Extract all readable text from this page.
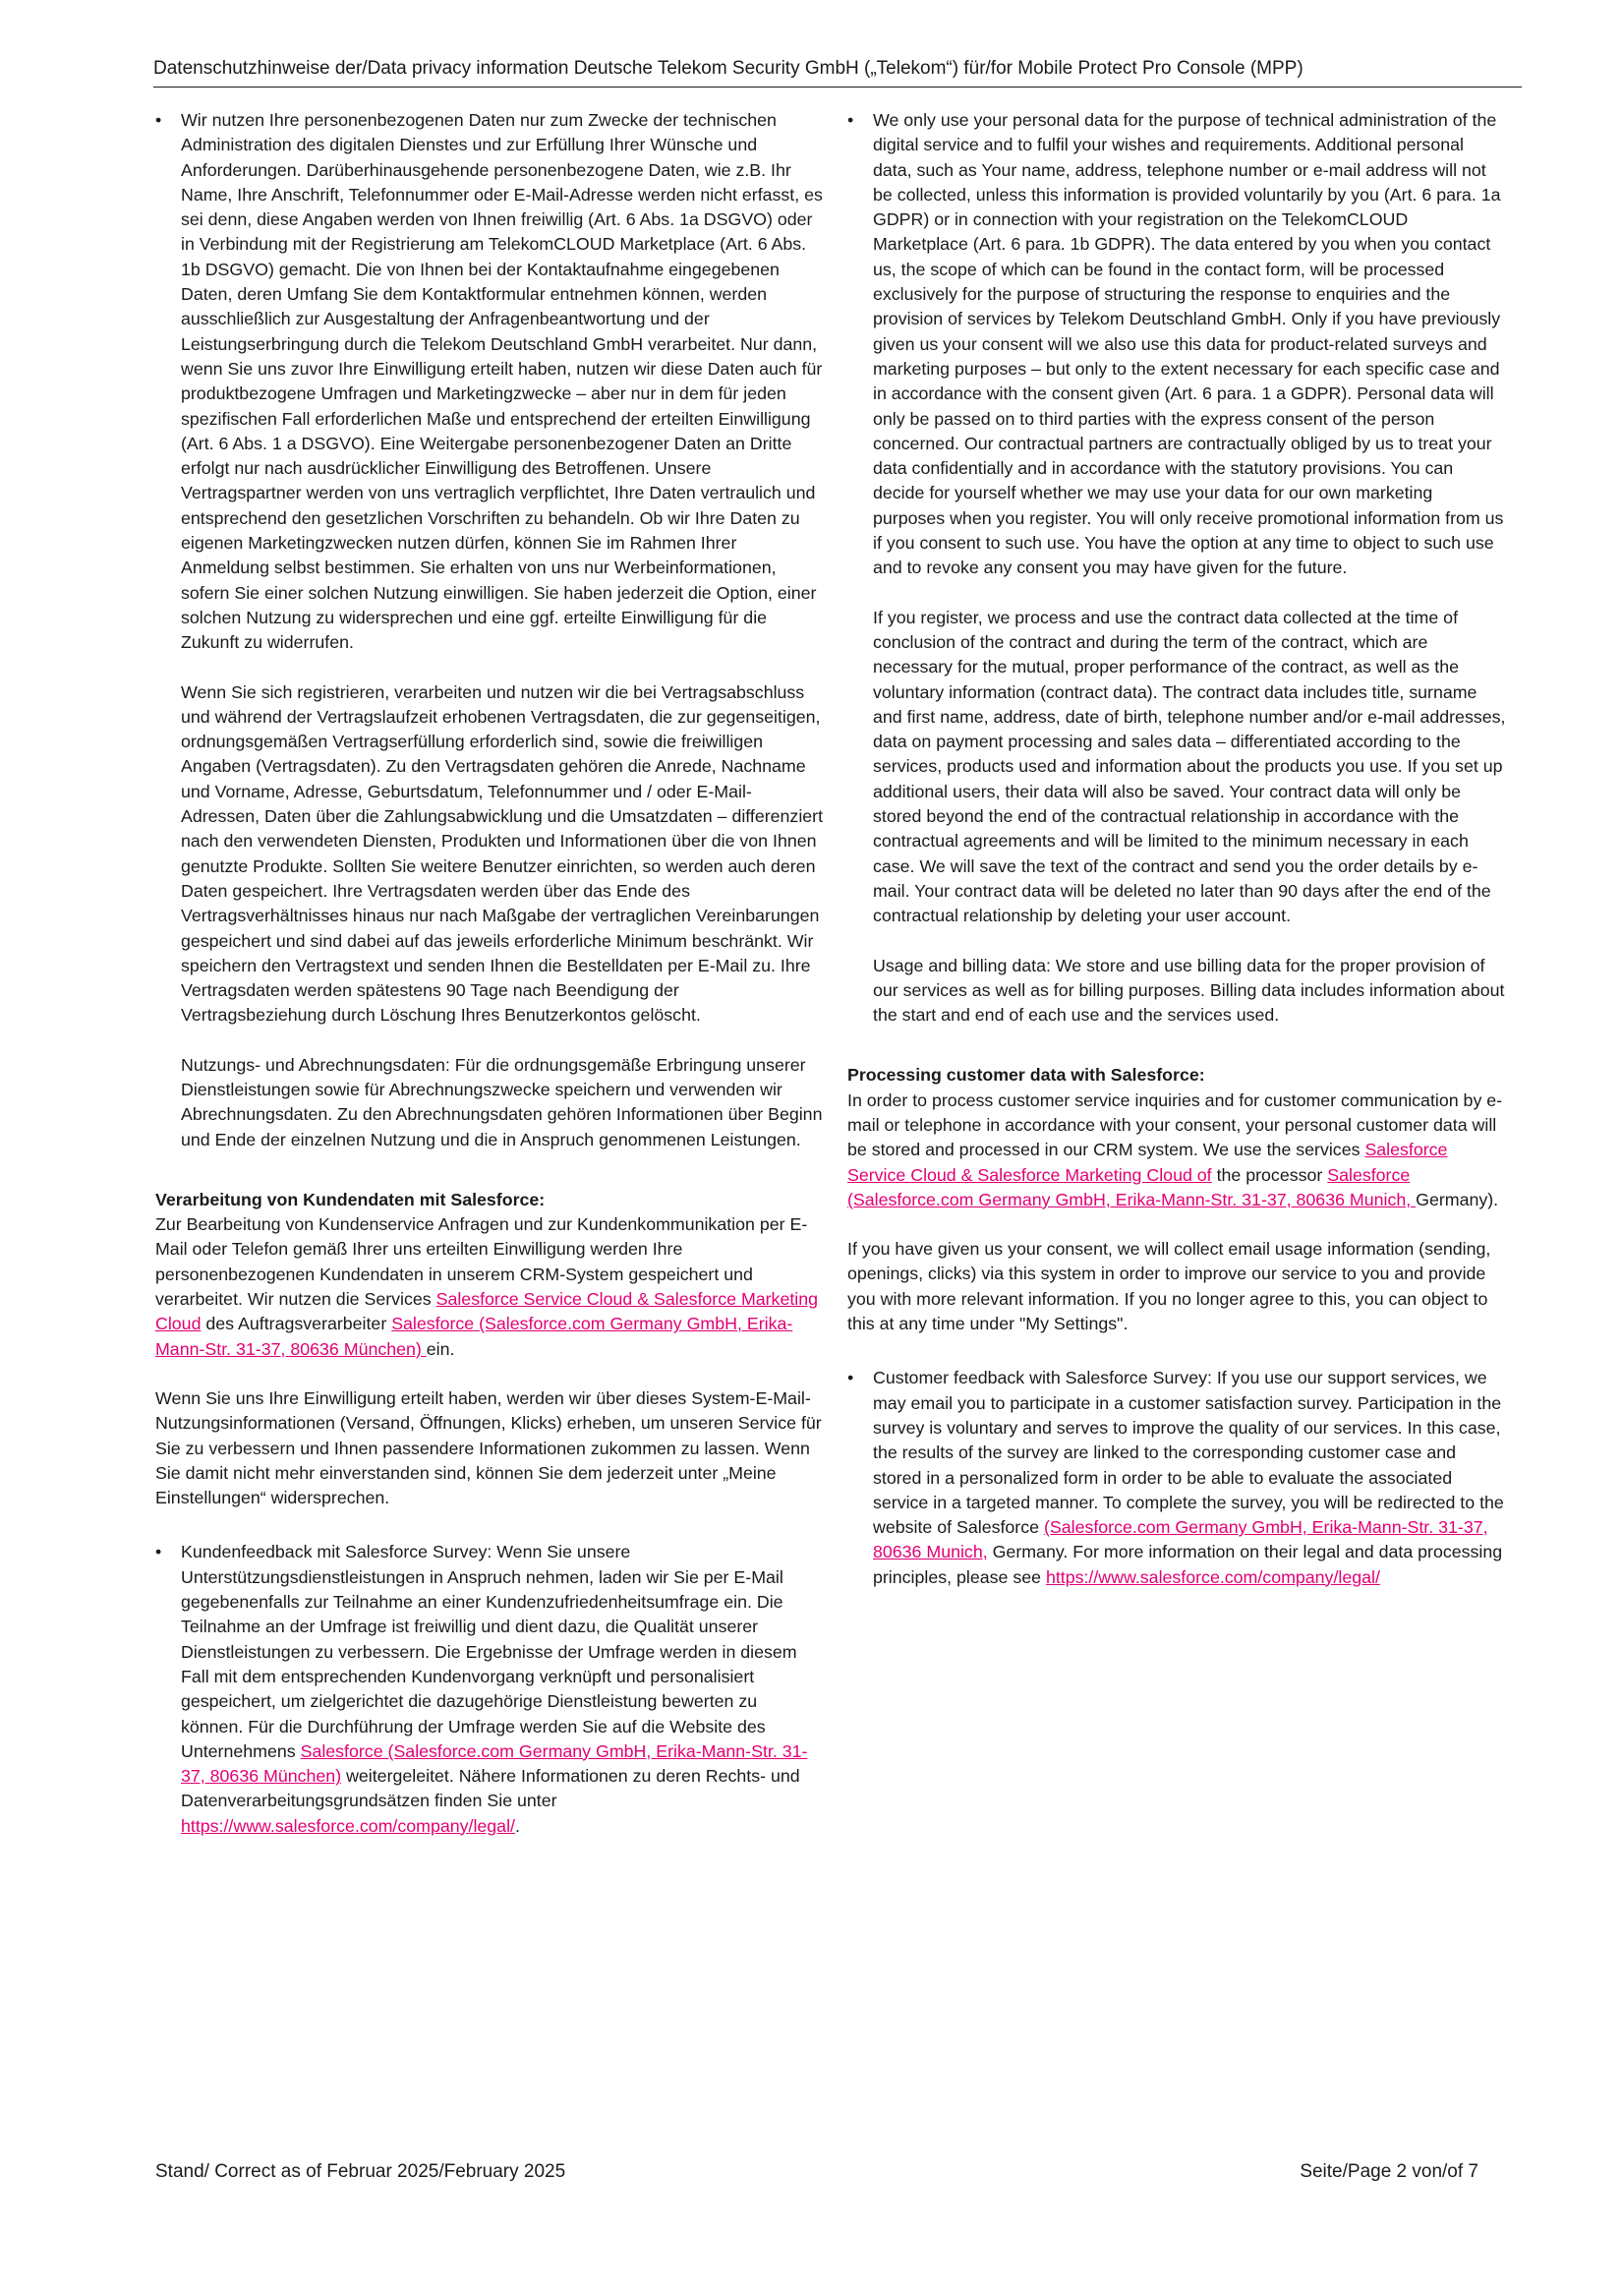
Datenschutzhinweise der/Data privacy information Deutsche Telekom Security GmbH („Telekom“) für/for Mobile Protect Pro Console (MPP)
• Wir nutzen Ihre personenbezogenen Daten nur zum Zwecke der technischen Administration des digitalen Dienstes und zur Erfüllung Ihrer Wünsche und Anforderungen. Darüberhinausgehende personenbezogene Daten, wie z.B. Ihr Name, Ihre Anschrift, Telefonnummer oder E-Mail-Adresse werden nicht erfasst, es sei denn, diese Angaben werden von Ihnen freiwillig (Art. 6 Abs. 1a DSGVO) oder in Verbindung mit der Registrierung am TelekomCLOUD Marketplace (Art. 6 Abs. 1b DSGVO) gemacht. Die von Ihnen bei der Kontaktaufnahme eingegebenen Daten, deren Umfang Sie dem Kontaktformular entnehmen können, werden ausschließlich zur Ausgestaltung der Anfragenbeantwortung und der Leistungserbringung durch die Telekom Deutschland GmbH verarbeitet. Nur dann, wenn Sie uns zuvor Ihre Einwilligung erteilt haben, nutzen wir diese Daten auch für produktbezogene Umfragen und Marketingzwecke – aber nur in dem für jeden spezifischen Fall erforderlichen Maße und entsprechend der erteilten Einwilligung (Art. 6 Abs. 1 a DSGVO). Eine Weitergabe personenbezogener Daten an Dritte erfolgt nur nach ausdrücklicher Einwilligung des Betroffenen. Unsere Vertragspartner werden von uns vertraglich verpflichtet, Ihre Daten vertraulich und entsprechend den gesetzlichen Vorschriften zu behandeln. Ob wir Ihre Daten zu eigenen Marketingzwecken nutzen dürfen, können Sie im Rahmen Ihrer Anmeldung selbst bestimmen. Sie erhalten von uns nur Werbeinformationen, sofern Sie einer solchen Nutzung einwilligen. Sie haben jederzeit die Option, einer solchen Nutzung zu widersprechen und eine ggf. erteilte Einwilligung für die Zukunft zu widerrufen.

Wenn Sie sich registrieren, verarbeiten und nutzen wir die bei Vertragsabschluss und während der Vertragslaufzeit erhobenen Vertragsdaten, die zur gegenseitigen, ordnungsgemäßen Vertragserfüllung erforderlich sind, sowie die freiwilligen Angaben (Vertragsdaten). Zu den Vertragsdaten gehören die Anrede, Nachname und Vorname, Adresse, Geburtsdatum, Telefonnummer und / oder E-Mail-Adressen, Daten über die Zahlungsabwicklung und die Umsatzdaten – differenziert nach den verwendeten Diensten, Produkten und Informationen über die von Ihnen genutzte Produkte. Sollten Sie weitere Benutzer einrichten, so werden auch deren Daten gespeichert. Ihre Vertragsdaten werden über das Ende des Vertragsverhältnisses hinaus nur nach Maßgabe der vertraglichen Vereinbarungen gespeichert und sind dabei auf das jeweils erforderliche Minimum beschränkt. Wir speichern den Vertragstext und senden Ihnen die Bestelldaten per E-Mail zu. Ihre Vertragsdaten werden spätestens 90 Tage nach Beendigung der Vertragsbeziehung durch Löschung Ihres Benutzerkontos gelöscht.

Nutzungs- und Abrechnungsdaten: Für die ordnungsgemäße Erbringung unserer Dienstleistungen sowie für Abrechnungszwecke speichern und verwenden wir Abrechnungsdaten. Zu den Abrechnungsdaten gehören Informationen über Beginn und Ende der einzelnen Nutzung und die in Anspruch genommenen Leistungen.

Verarbeitung von Kundendaten mit Salesforce:

Zur Bearbeitung von Kundenservice Anfragen und zur Kundenkommunikation per E-Mail oder Telefon gemäß Ihrer uns erteilten Einwilligung werden Ihre personenbezogenen Kundendaten in unserem CRM-System gespeichert und verarbeitet. Wir nutzen die Services Salesforce Service Cloud & Salesforce Marketing Cloud des Auftragsverarbeiter Salesforce (Salesforce.com Germany GmbH, Erika-Mann-Str. 31-37, 80636 München) ein.

Wenn Sie uns Ihre Einwilligung erteilt haben, werden wir über dieses System-E-Mail-Nutzungsinformationen (Versand, Öffnungen, Klicks) erheben, um unseren Service für Sie zu verbessern und Ihnen passendere Informationen zukommen zu lassen. Wenn Sie damit nicht mehr einverstanden sind, können Sie dem jederzeit unter „Meine Einstellungen“ widersprechen.

• Kundenfeedback mit Salesforce Survey: Wenn Sie unsere Unterstützungsdienstleistungen in Anspruch nehmen, laden wir Sie per E-Mail gegebenenfalls zur Teilnahme an einer Kundenzufriedenheitsumfrage ein. Die Teilnahme an der Umfrage ist freiwillig und dient dazu, die Qualität unserer Dienstleistungen zu verbessern. Die Ergebnisse der Umfrage werden in diesem Fall mit dem entsprechenden Kundenvorgang verknüpft und personalisiert gespeichert, um zielgerichtet die dazugehörige Dienstleistung bewerten zu können. Für die Durchführung der Umfrage werden Sie auf die Website des Unternehmens Salesforce (Salesforce.com Germany GmbH, Erika-Mann-Str. 31-37, 80636 München) weitergeleitet. Nähere Informationen zu deren Rechts- und Datenverarbeitungsgrundsätzen finden Sie unter https://www.salesforce.com/company/legal/.

• We only use your personal data for the purpose of technical administration of the digital service and to fulfil your wishes and requirements. Additional personal data, such as Your name, address, telephone number or e-mail address will not be collected, unless this information is provided voluntarily by you (Art. 6 para. 1a GDPR) or in connection with your registration on the TelekomCLOUD Marketplace (Art. 6 para. 1b GDPR). The data entered by you when you contact us, the scope of which can be found in the contact form, will be processed exclusively for the purpose of structuring the response to enquiries and the provision of services by Telekom Deutschland GmbH. Only if you have previously given us your consent will we also use this data for product-related surveys and marketing purposes – but only to the extent necessary for each specific case and in accordance with the consent given (Art. 6 para. 1 a GDPR). Personal data will only be passed on to third parties with the express consent of the person concerned. Our contractual partners are contractually obliged by us to treat your data confidentially and in accordance with the statutory provisions. You can decide for yourself whether we may use your data for our own marketing purposes when you register. You will only receive promotional information from us if you consent to such use. You have the option at any time to object to such use and to revoke any consent you may have given for the future.

If you register, we process and use the contract data collected at the time of conclusion of the contract and during the term of the contract, which are necessary for the mutual, proper performance of the contract, as well as the voluntary information (contract data). The contract data includes title, surname and first name, address, date of birth, telephone number and/or e-mail addresses, data on payment processing and sales data – differentiated according to the services, products used and information about the products you use. If you set up additional users, their data will also be saved. Your contract data will only be stored beyond the end of the contractual relationship in accordance with the contractual agreements and will be limited to the minimum necessary in each case. We will save the text of the contract and send you the order details by e-mail. Your contract data will be deleted no later than 90 days after the end of the contractual relationship by deleting your user account.

Usage and billing data: We store and use billing data for the proper provision of our services as well as for billing purposes. Billing data includes information about the start and end of each use and the services used.

Processing customer data with Salesforce:

In order to process customer service inquiries and for customer communication by e-mail or telephone in accordance with your consent, your personal customer data will be stored and processed in our CRM system. We use the services Salesforce Service Cloud & Salesforce Marketing Cloud of the processor Salesforce (Salesforce.com Germany GmbH, Erika-Mann-Str. 31-37, 80636 Munich, Germany).

If you have given us your consent, we will collect email usage information (sending, openings, clicks) via this system in order to improve our service to you and provide you with more relevant information. If you no longer agree to this, you can object to this at any time under "My Settings".

• Customer feedback with Salesforce Survey: If you use our support services, we may email you to participate in a customer satisfaction survey. Participation in the survey is voluntary and serves to improve the quality of our services. In this case, the results of the survey are linked to the corresponding customer case and stored in a personalized form in order to be able to evaluate the associated service in a targeted manner. To complete the survey, you will be redirected to the website of Salesforce (Salesforce.com Germany GmbH, Erika-Mann-Str. 31-37, 80636 Munich, Germany. For more information on their legal and data processing principles, please see https://www.salesforce.com/company/legal/

Stand/ Correct as of Februar 2025/February 2025	Seite/Page 2 von/of 7
